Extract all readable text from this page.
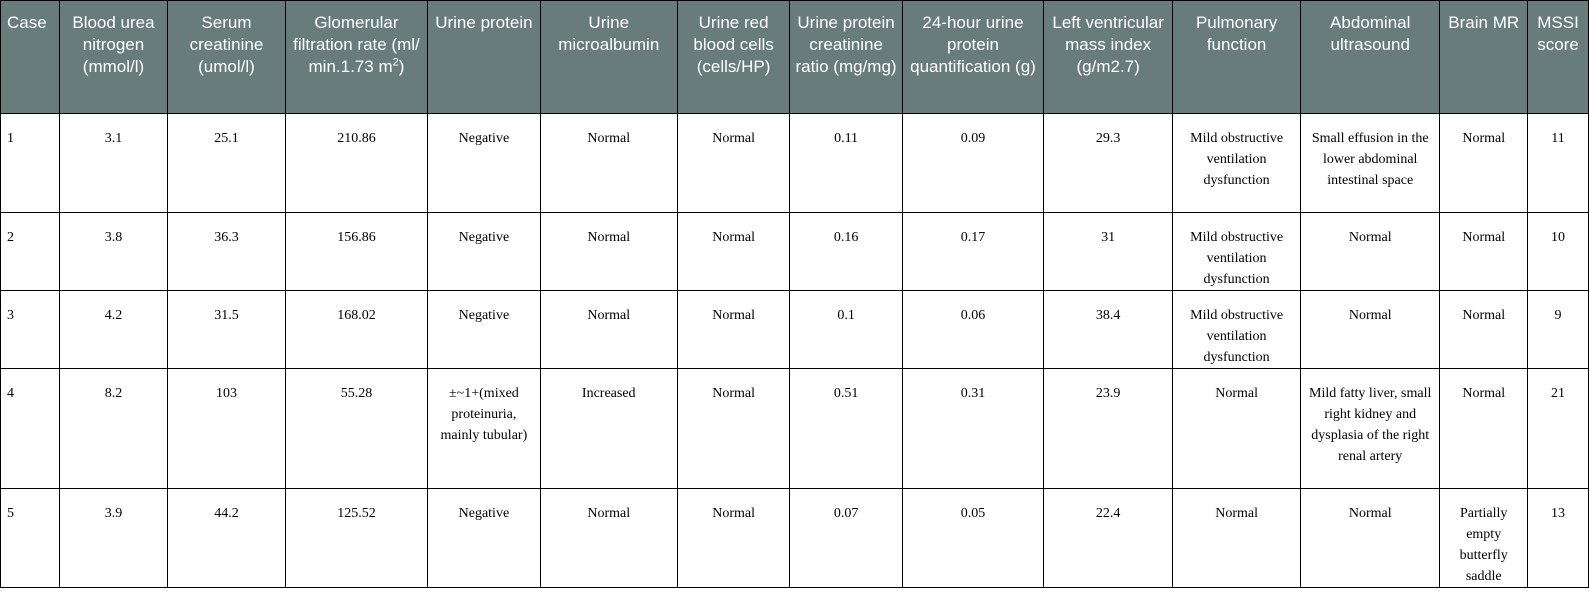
Case	Blood urea nitrogen (mmol/l)	Serum creatinine (umol/l)	Glomerular filtration rate (ml/ min.1.73 $m^2$)	Urine protein	Urine microalbumin	Urine red blood cells (cells/HP)	Urine protein creatinine ratio (mg/mg)	24-hour urine protein quantification (g)	Left ventricular mass index (g/m2.7)	Pulmonary function	Abdominal ultrasound	Brain MR	MSSI score
1	3.1	25.1	210.86	Negative	Normal	Normal	0.11	0.09	29.3	Mild obstructive ventilation dysfunction	Small effusion in the lower abdominal intestinal space	Normal	11
2	3.8	36.3	156.86	Negative	Normal	Normal	0.16	0.17	31	Mild obstructive ventilation dysfunction	Normal	Normal	10
3	4.2	31.5	168.02	Negative	Normal	Normal	0.1	0.06	38.4	Mild obstructive ventilation dysfunction	Normal	Normal	9
4	8.2	103	55.28	±~1+(mixed proteinuria, mainly tubular)	Increased	Normal	0.51	0.31	23.9	Normal	Mild fatty liver, small right kidney and dysplasia of the right renal artery	Normal	21
5	3.9	44.2	125.52	Negative	Normal	Normal	0.07	0.05	22.4	Normal	Normal	Partially empty butterfly saddle	13
